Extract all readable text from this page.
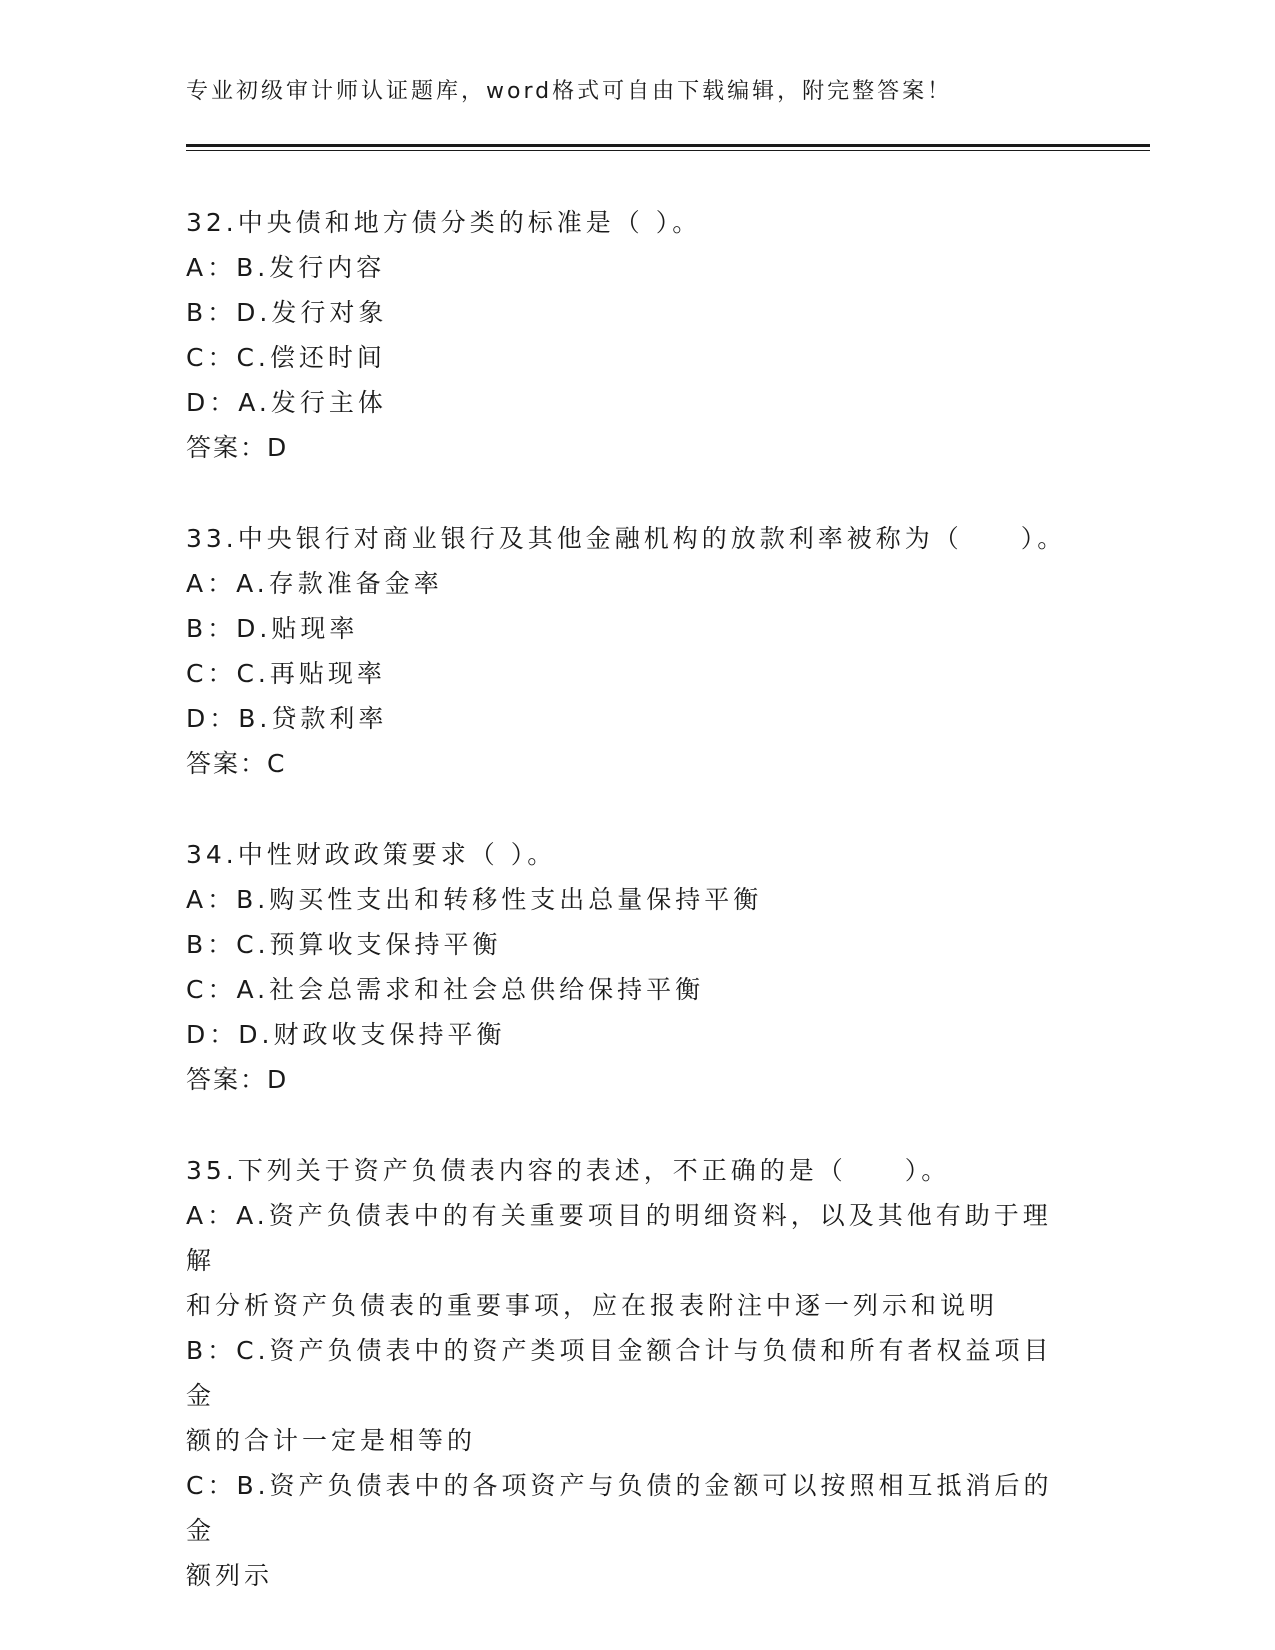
专业初级审计师认证题库，word格式可自由下载编辑，附完整答案！

32.中央债和地方债分类的标准是（ ）。

A：B.发行内容

B：D.发行对象

C：C.偿还时间

D：A.发行主体

答案：D

33.中央银行对商业银行及其他金融机构的放款利率被称为（　　）。

A：A.存款准备金率

B：D.贴现率

C：C.再贴现率

D：B.贷款利率

答案：C

34.中性财政政策要求（ ）。

A：B.购买性支出和转移性支出总量保持平衡

B：C.预算收支保持平衡

C：A.社会总需求和社会总供给保持平衡

D：D.财政收支保持平衡

答案：D

35.下列关于资产负债表内容的表述，不正确的是（　　）。

A：A.资产负债表中的有关重要项目的明细资料，以及其他有助于理解

和分析资产负债表的重要事项，应在报表附注中逐一列示和说明

B：C.资产负债表中的资产类项目金额合计与负债和所有者权益项目金

额的合计一定是相等的

C：B.资产负债表中的各项资产与负债的金额可以按照相互抵消后的金

额列示
